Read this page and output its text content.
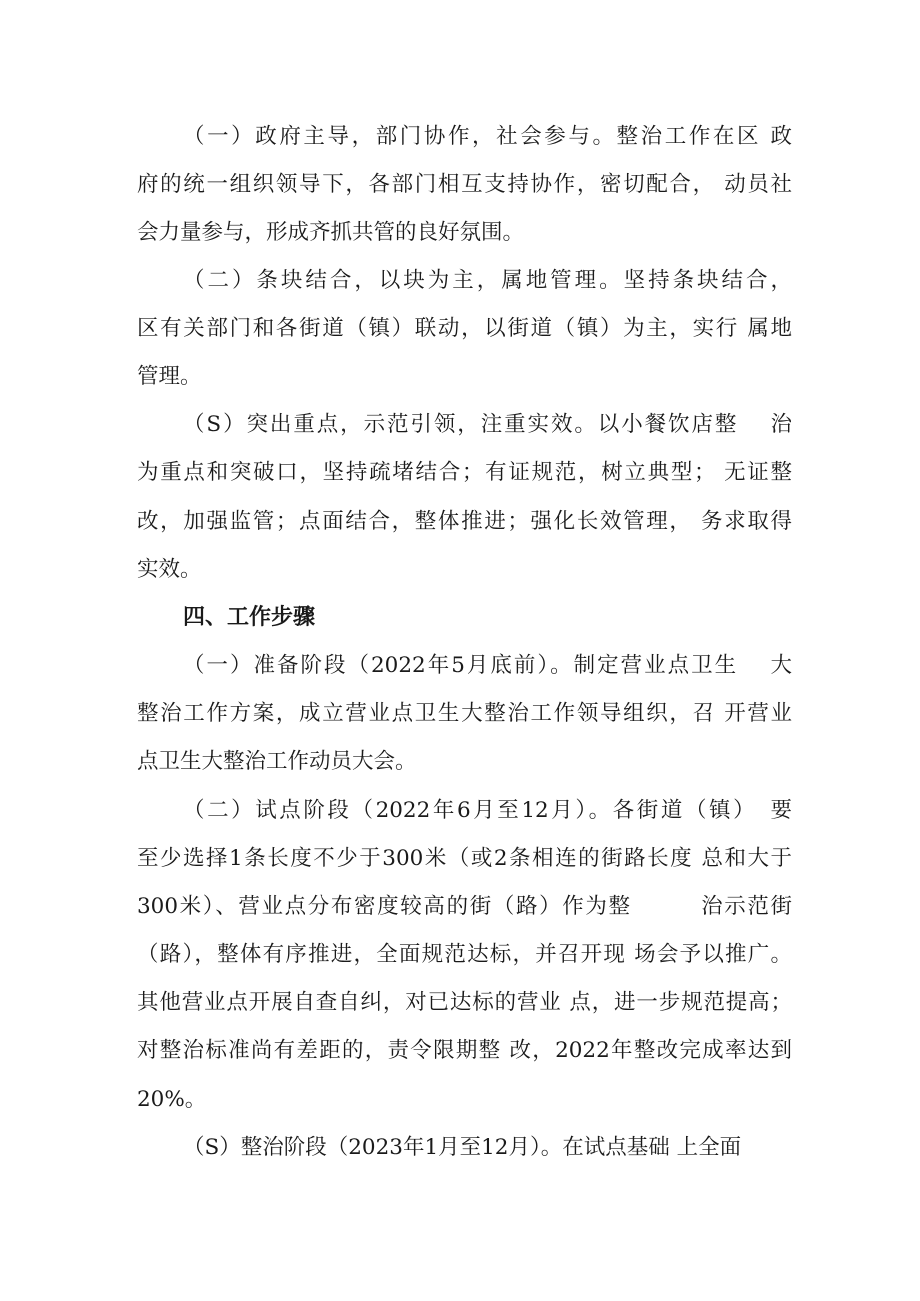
（一）政府主导，部门协作，社会参与。整治工作在区 政
府的统一组织领导下，各部门相互支持协作，密切配合， 动员社
会力量参与，形成齐抓共管的良好氛围。
（二）条块结合，以块为主，属地管理。坚持条块结合，
区有关部门和各街道（镇）联动，以街道（镇）为主，实行 属地
管理。
（S）突出重点，示范引领，注重实效。以小餐饮店整　 治
为重点和突破口，坚持疏堵结合；有证规范，树立典型； 无证整
改，加强监管；点面结合，整体推进；强化长效管理， 务求取得
实效。
四、工作步骤
（一）准备阶段（2022年5月底前）。制定营业点卫生　 大
整治工作方案，成立营业点卫生大整治工作领导组织，召 开营业
点卫生大整治工作动员大会。
（二）试点阶段（2022年6月至12月）。各街道（镇）　要
至少选择1条长度不少于300米（或2条相连的街路长度 总和大于
300米）、营业点分布密度较高的街（路）作为整　　　治示范街
（路），整体有序推进，全面规范达标，并召开现 场会予以推广。
其他营业点开展自查自纠，对已达标的营业 点，进一步规范提高；
对整治标准尚有差距的，责令限期整 改，2022年整改完成率达到
20%。
（S）整治阶段（2023年1月至12月）。在试点基础 上全面
